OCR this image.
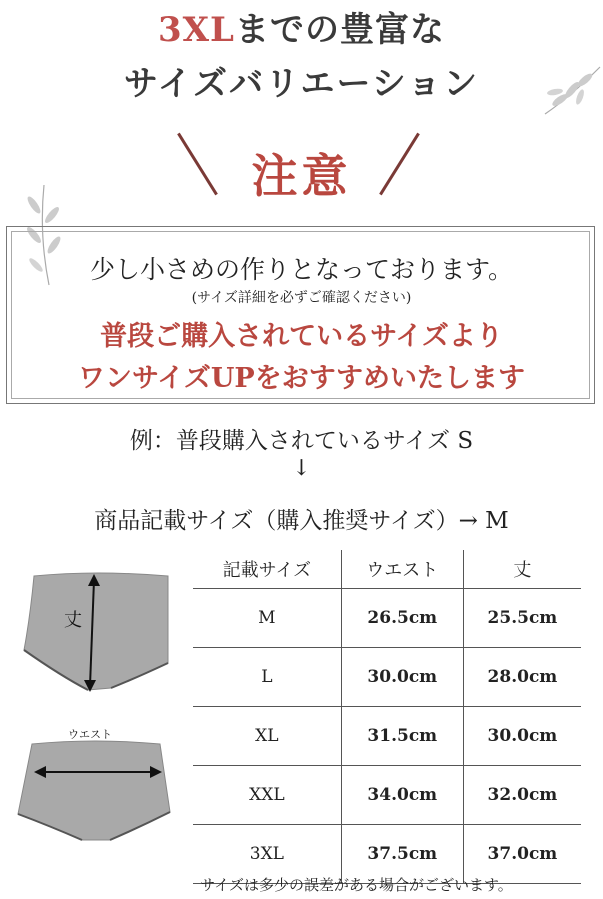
3XLまでの豊富な
サイズバリエーション
注意
少し小さめの作りとなっております。
(サイズ詳細を必ずご確認ください)
普段ご購入されているサイズより
ワンサイズUPをおすすめいたします
例：普段購入されているサイズ S
↓
商品記載サイズ（購入推奨サイズ）→ M
丈
ウエスト
記載サイズ	ウエスト	丈
M	26.5cm	25.5cm
L	30.0cm	28.0cm
XL	31.5cm	30.0cm
XXL	34.0cm	32.0cm
3XL	37.5cm	37.0cm
サイズは多少の誤差がある場合がございます。
